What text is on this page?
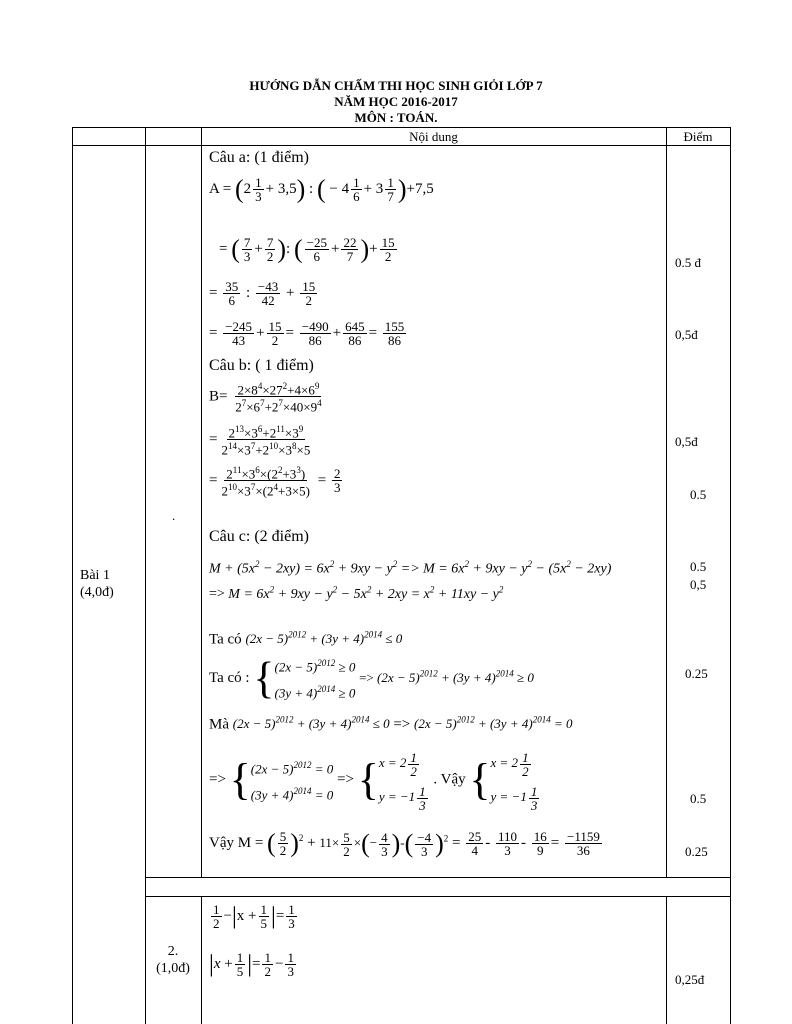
HƯỚNG DẪN CHẤM THI HỌC SINH GIỎI LỚP 7
NĂM HỌC 2016-2017
MÔN : TOÁN.
Nội dung	Điểm
Bài 1
(4,0đ)
.
2.
(1,0đ)
Câu a: (1 điểm)
$A = (2 \frac{1}{3} + 3,5)$ : ( − $4 \frac{1}{6} + 3 \frac{1}{7} )+7,5$
= ( $\frac{7}{3} + \frac{7}{2}$ ): ( $\frac{-25}{6} + \frac{22}{7}$ )+ $\frac{15}{2}$
= $\frac{35}{6}$ : $\frac{-43}{42} + \frac{15}{2}$
= $\frac{-245}{43} + \frac{15}{2} = \frac{-490}{86} + \frac{645}{86} = \frac{155}{86}$
Câu b: ( 1 điểm)
$B= \frac{2\times 8^4\times 27^2+4\times 6^9}{2^7\times 6^7+2^7\times 40\times 9^4}$
= $\frac{2^{13}\times 3^6+2^{11}\times 3^9}{2^{14}\times 3^7+2^{10}\times 3^8\times 5}$
= $\frac{2^{11}\times 3^6\times(2^2+3^3)}{2^{10}\times 3^7\times(2^4+3\times 5)} = \frac{2}{3}$
Câu c: (2 điểm)
$M + (5x^2 - 2xy) = 6x^2 + 9xy - y^2 => M = 6x^2 + 9xy - y^2 - (5x^2 - 2xy)$
=> $M = 6x^2 + 9xy - y^2 - 5x^2 + 2xy = x^2 + 11xy - y^2$
Ta có $(2x - 5)^{2012} + (3y + 4)^{2014} \le 0$
Ta có : { $(2x - 5)^{2012} \ge 0$
$(3y + 4)^{2014} \ge 0$
=> $(2x - 5)^{2012} + (3y + 4)^{2014} \ge 0$
Mà $(2x - 5)^{2012} + (3y + 4)^{2014} \le 0 => (2x - 5)^{2012} + (3y + 4)^{2014} = 0$
=> { $(2x - 5)^{2012} = 0$
$(3y + 4)^{2014} = 0$
=> { $x = 2 \frac{1}{2}$
$y = -1 \frac{1}{3}$
. Vậy { $x = 2 \frac{1}{2}$
$y = -1 \frac{1}{3}$
Vậy M = ( $\frac{5}{2} )^2 + 11\times \frac{5}{2}$ ×(− $\frac{4}{3}$ )-( $\frac{-4}{3} )^2 = \frac{25}{4} - \frac{110}{3} - \frac{16}{9} = \frac{-1159}{36}$
$\frac{1}{2} -|x + \frac{1}{5}$ |= $\frac{1}{3}$
$|x + \frac{1}{5}$ |= $\frac{1}{2} - \frac{1}{3}$
0.5 đ
0,5đ
0,5đ
0.5
0.5
0,5
0.25
0.5
0.25
0,25đ
